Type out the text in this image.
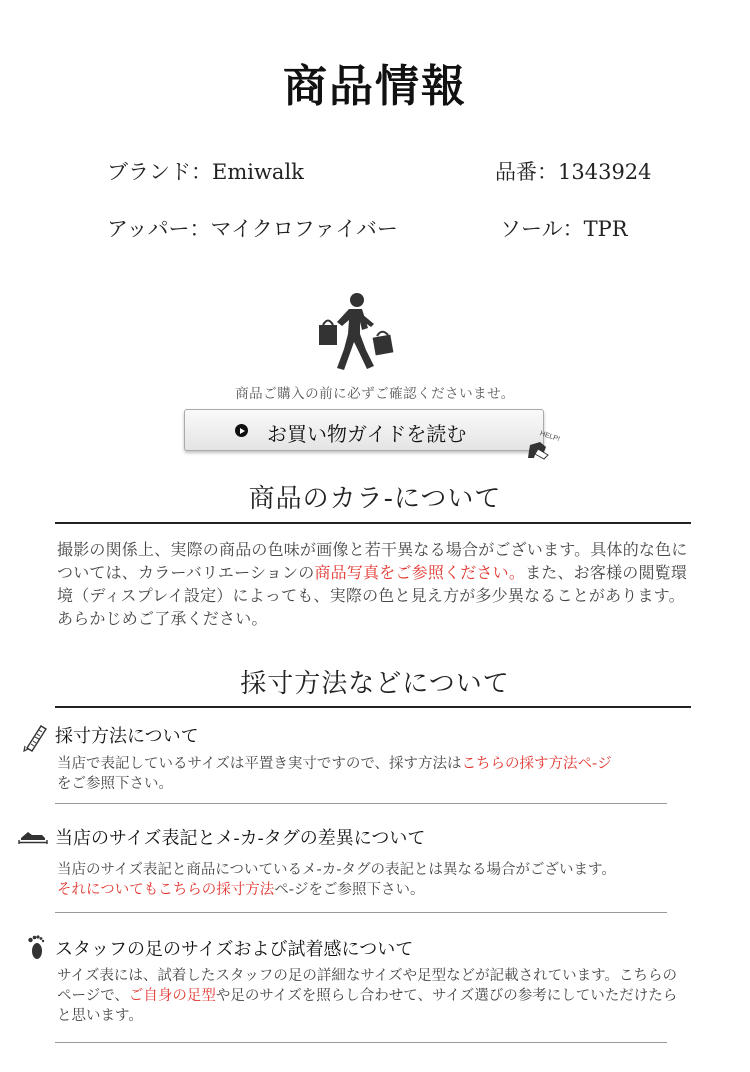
商品情報
ブランド：Emiwalk	品番：1343924
アッパー：マイクロファイバー	ソール：TPR
商品ご購入の前に必ずご確認くださいませ。
お買い物ガイドを読む	HELP!
商品のカラ-について
撮影の関係上、実際の商品の色味が画像と若干異なる場合がございます。具体的な色については、カラーバリエーションの商品写真をご参照ください。また、お客様の閲覧環境（ディスプレイ設定）によっても、実際の色と見え方が多少異なることがあります。あらかじめご了承ください。
採寸方法などについて
採寸方法について
当店で表記しているサイズは平置き実寸ですので、採す方法はこちらの採す方法ペ-ジ
をご参照下さい。
当店のサイズ表記とメ-カ-タグの差異について
当店のサイズ表記と商品についているメ-カ-タグの表記とは異なる場合がございます。
それについてもこちらの採寸方法ペ-ジをご参照下さい。
スタッフの足のサイズおよび試着感について
サイズ表には、試着したスタッフの足の詳細なサイズや足型などが記載されています。こちらのページで、ご自身の足型や足のサイズを照らし合わせて、サイズ選びの参考にしていただけたらと思います。
